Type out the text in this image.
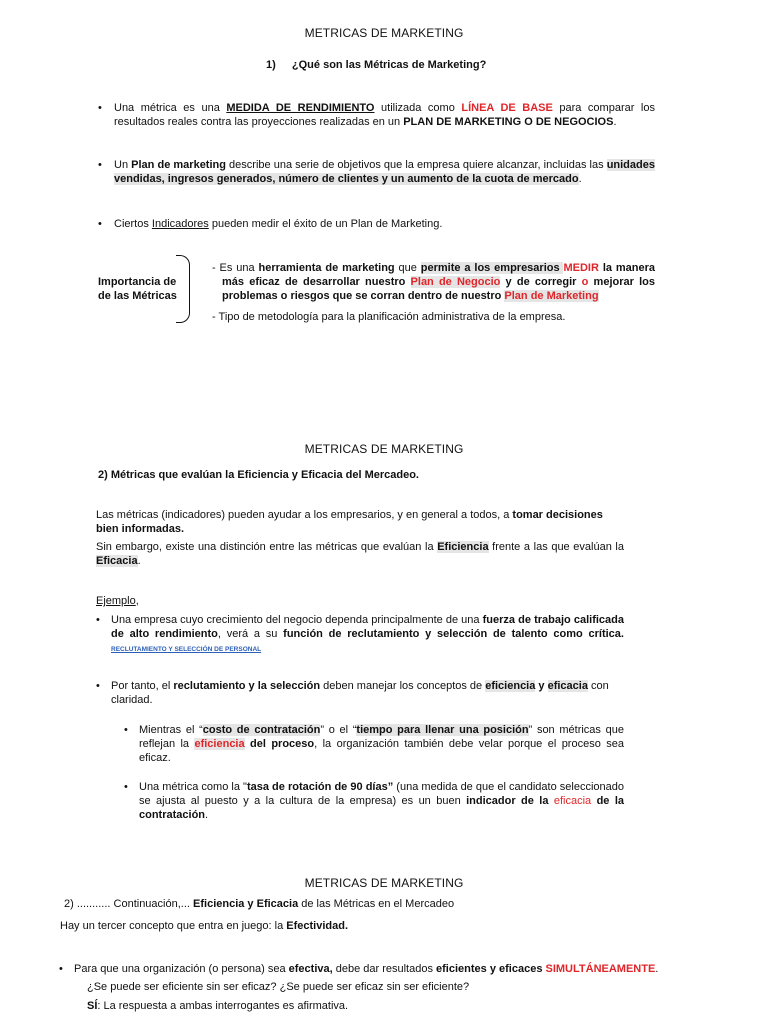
METRICAS DE MARKETING
1) ¿Qué son las Métricas de Marketing?
• Una métrica es una MEDIDA DE RENDIMIENTO utilizada como LÍNEA DE BASE para comparar los resultados reales contra las proyecciones realizadas en un PLAN DE MARKETING O DE NEGOCIOS.
• Un Plan de marketing describe una serie de objetivos que la empresa quiere alcanzar, incluidas las unidades vendidas, ingresos generados, número de clientes y un aumento de la cuota de mercado.
• Ciertos Indicadores pueden medir el éxito de un Plan de Marketing.
Importancia de
de las Métricas
- Es una herramienta de marketing que permite a los empresarios MEDIR la manera más eficaz de desarrollar nuestro Plan de Negocio y de corregir o mejorar los problemas o riesgos que se corran dentro de nuestro Plan de Marketing
- Tipo de metodología para la planificación administrativa de la empresa.
METRICAS DE MARKETING
2) Métricas que evalúan la Eficiencia y Eficacia del Mercadeo.
Las métricas (indicadores) pueden ayudar a los empresarios, y en general a todos, a tomar decisiones bien informadas.
Sin embargo, existe una distinción entre las métricas que evalúan la Eficiencia frente a las que evalúan la Eficacia.
Ejemplo,
• Una empresa cuyo crecimiento del negocio dependa principalmente de una fuerza de trabajo calificada de alto rendimiento, verá a su función de reclutamiento y selección de talento como crítica. RECLUTAMIENTO Y SELECCIÓN DE PERSONAL
• Por tanto, el reclutamiento y la selección deben manejar los conceptos de eficiencia y eficacia con claridad.
• Mientras el “costo de contratación” o el “tiempo para llenar una posición” son métricas que reflejan la eficiencia del proceso, la organización también debe velar porque el proceso sea eficaz.
• Una métrica como la "tasa de rotación de 90 días” (una medida de que el candidato seleccionado se ajusta al puesto y a la cultura de la empresa) es un buen indicador de la eficacia de la contratación.
METRICAS DE MARKETING
2) ........... Continuación,... Eficiencia y Eficacia de las Métricas en el Mercadeo
Hay un tercer concepto que entra en juego: la Efectividad.
• Para que una organización (o persona) sea efectiva, debe dar resultados eficientes y eficaces SIMULTÁNEAMENTE.
¿Se puede ser eficiente sin ser eficaz? ¿Se puede ser eficaz sin ser eficiente?
SÍ: La respuesta a ambas interrogantes es afirmativa.
